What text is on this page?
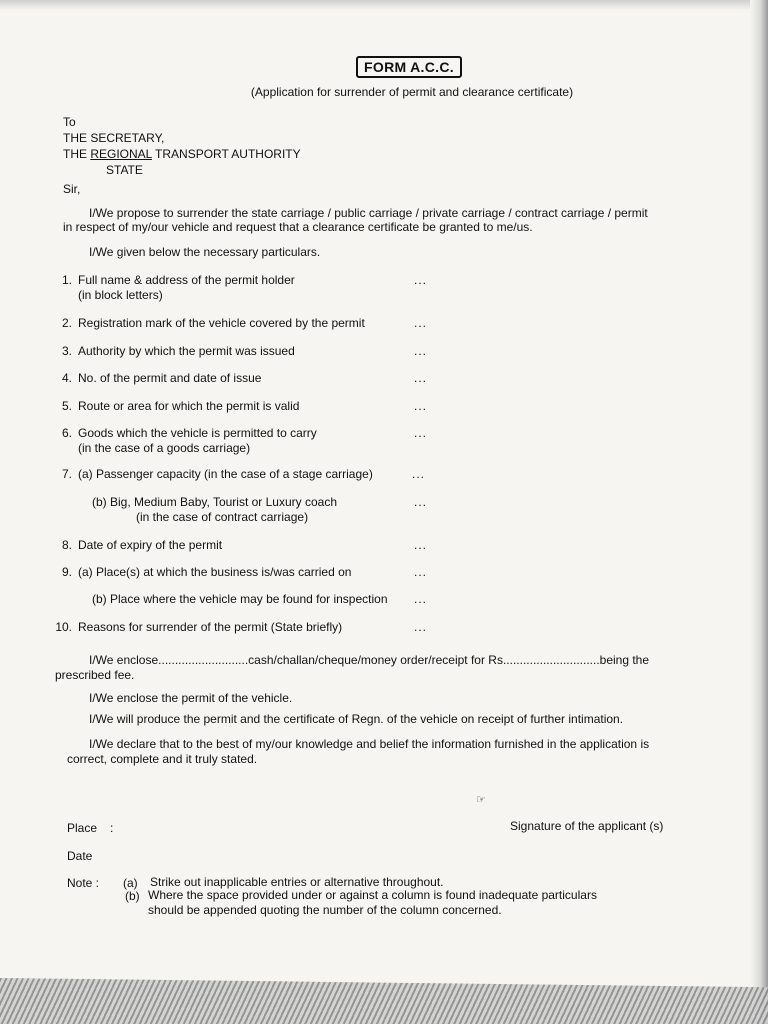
FORM A.C.C.
(Application for surrender of permit and clearance certificate)
To
THE SECRETARY,
THE REGIONAL TRANSPORT AUTHORITY
STATE
Sir,
I/We propose to surrender the state carriage / public carriage / private carriage / contract carriage / permit
in respect of my/our vehicle and request that a clearance certificate be granted to me/us.
I/We given below the necessary particulars.
1. Full name & address of the permit holder
(in block letters)
...
2. Registration mark of the vehicle covered by the permit	...
3. Authority by which the permit was issued	...
4. No. of the permit and date of issue	...
5. Route or area for which the permit is valid	...
6. Goods which the vehicle is permitted to carry
(in the case of a goods carriage)
...
7. (a) Passenger capacity (in the case of a stage carriage)	...
(b) Big, Medium Baby, Tourist or Luxury coach
(in the case of contract carriage)
...
8. Date of expiry of the permit	...
9. (a) Place(s) at which the business is/was carried on	...
(b) Place where the vehicle may be found for inspection ...
10. Reasons for surrender of the permit (State briefly)	...
I/We enclose...........................cash/challan/cheque/money order/receipt for Rs.............................being the
prescribed fee.
I/We enclose the permit of the vehicle.
I/We will produce the permit and the certificate of Regn. of the vehicle on receipt of further intimation.
I/We declare that to the best of my/our knowledge and belief the information furnished in the application is
correct, complete and it truly stated.
☞
Place :	Signature of the applicant (s)
Date
Note : (a) Strike out inapplicable entries or alternative throughout.
(b) Where the space provided under or against a column is found inadequate particulars
should be appended quoting the number of the column concerned.
